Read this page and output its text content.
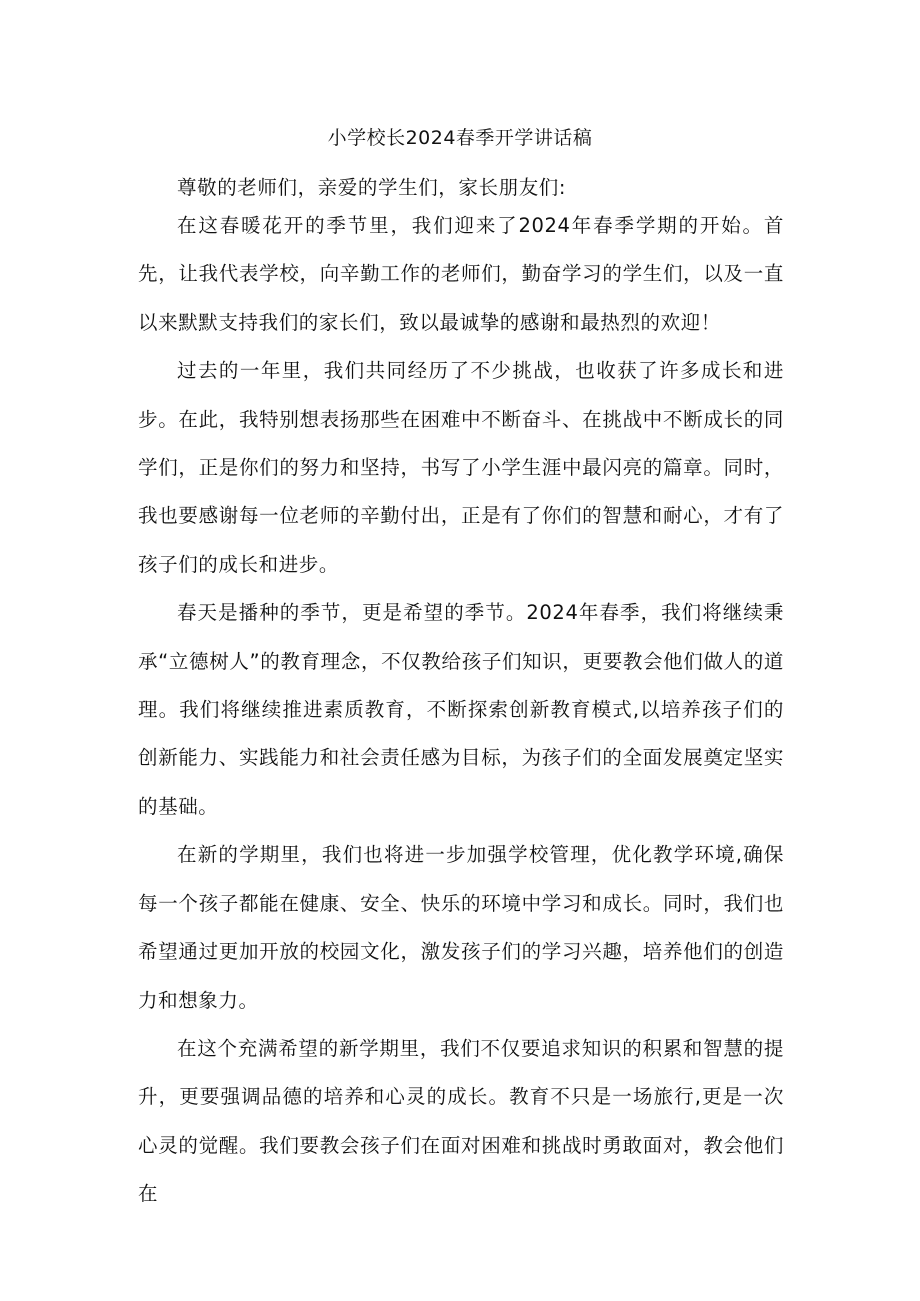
小学校长2024春季开学讲话稿

尊敬的老师们，亲爱的学生们，家长朋友们:

在这春暖花开的季节里，我们迎来了2024年春季学期的开始。首先，让我代表学校，向辛勤工作的老师们，勤奋学习的学生们，以及一直以来默默支持我们的家长们，致以最诚挚的感谢和最热烈的欢迎！

过去的一年里，我们共同经历了不少挑战，也收获了许多成长和进步。在此，我特别想表扬那些在困难中不断奋斗、在挑战中不断成长的同学们，正是你们的努力和坚持，书写了小学生涯中最闪亮的篇章。同时，我也要感谢每一位老师的辛勤付出，正是有了你们的智慧和耐心，才有了孩子们的成长和进步。

春天是播种的季节，更是希望的季节。2024年春季，我们将继续秉承“立德树人”的教育理念，不仅教给孩子们知识，更要教会他们做人的道理。我们将继续推进素质教育，不断探索创新教育模式,以培养孩子们的创新能力、实践能力和社会责任感为目标，为孩子们的全面发展奠定坚实的基础。

在新的学期里，我们也将进一步加强学校管理，优化教学环境,确保每一个孩子都能在健康、安全、快乐的环境中学习和成长。同时，我们也希望通过更加开放的校园文化，激发孩子们的学习兴趣，培养他们的创造力和想象力。

在这个充满希望的新学期里，我们不仅要追求知识的积累和智慧的提升，更要强调品德的培养和心灵的成长。教育不只是一场旅行,更是一次心灵的觉醒。我们要教会孩子们在面对困难和挑战时勇敢面对，教会他们在
